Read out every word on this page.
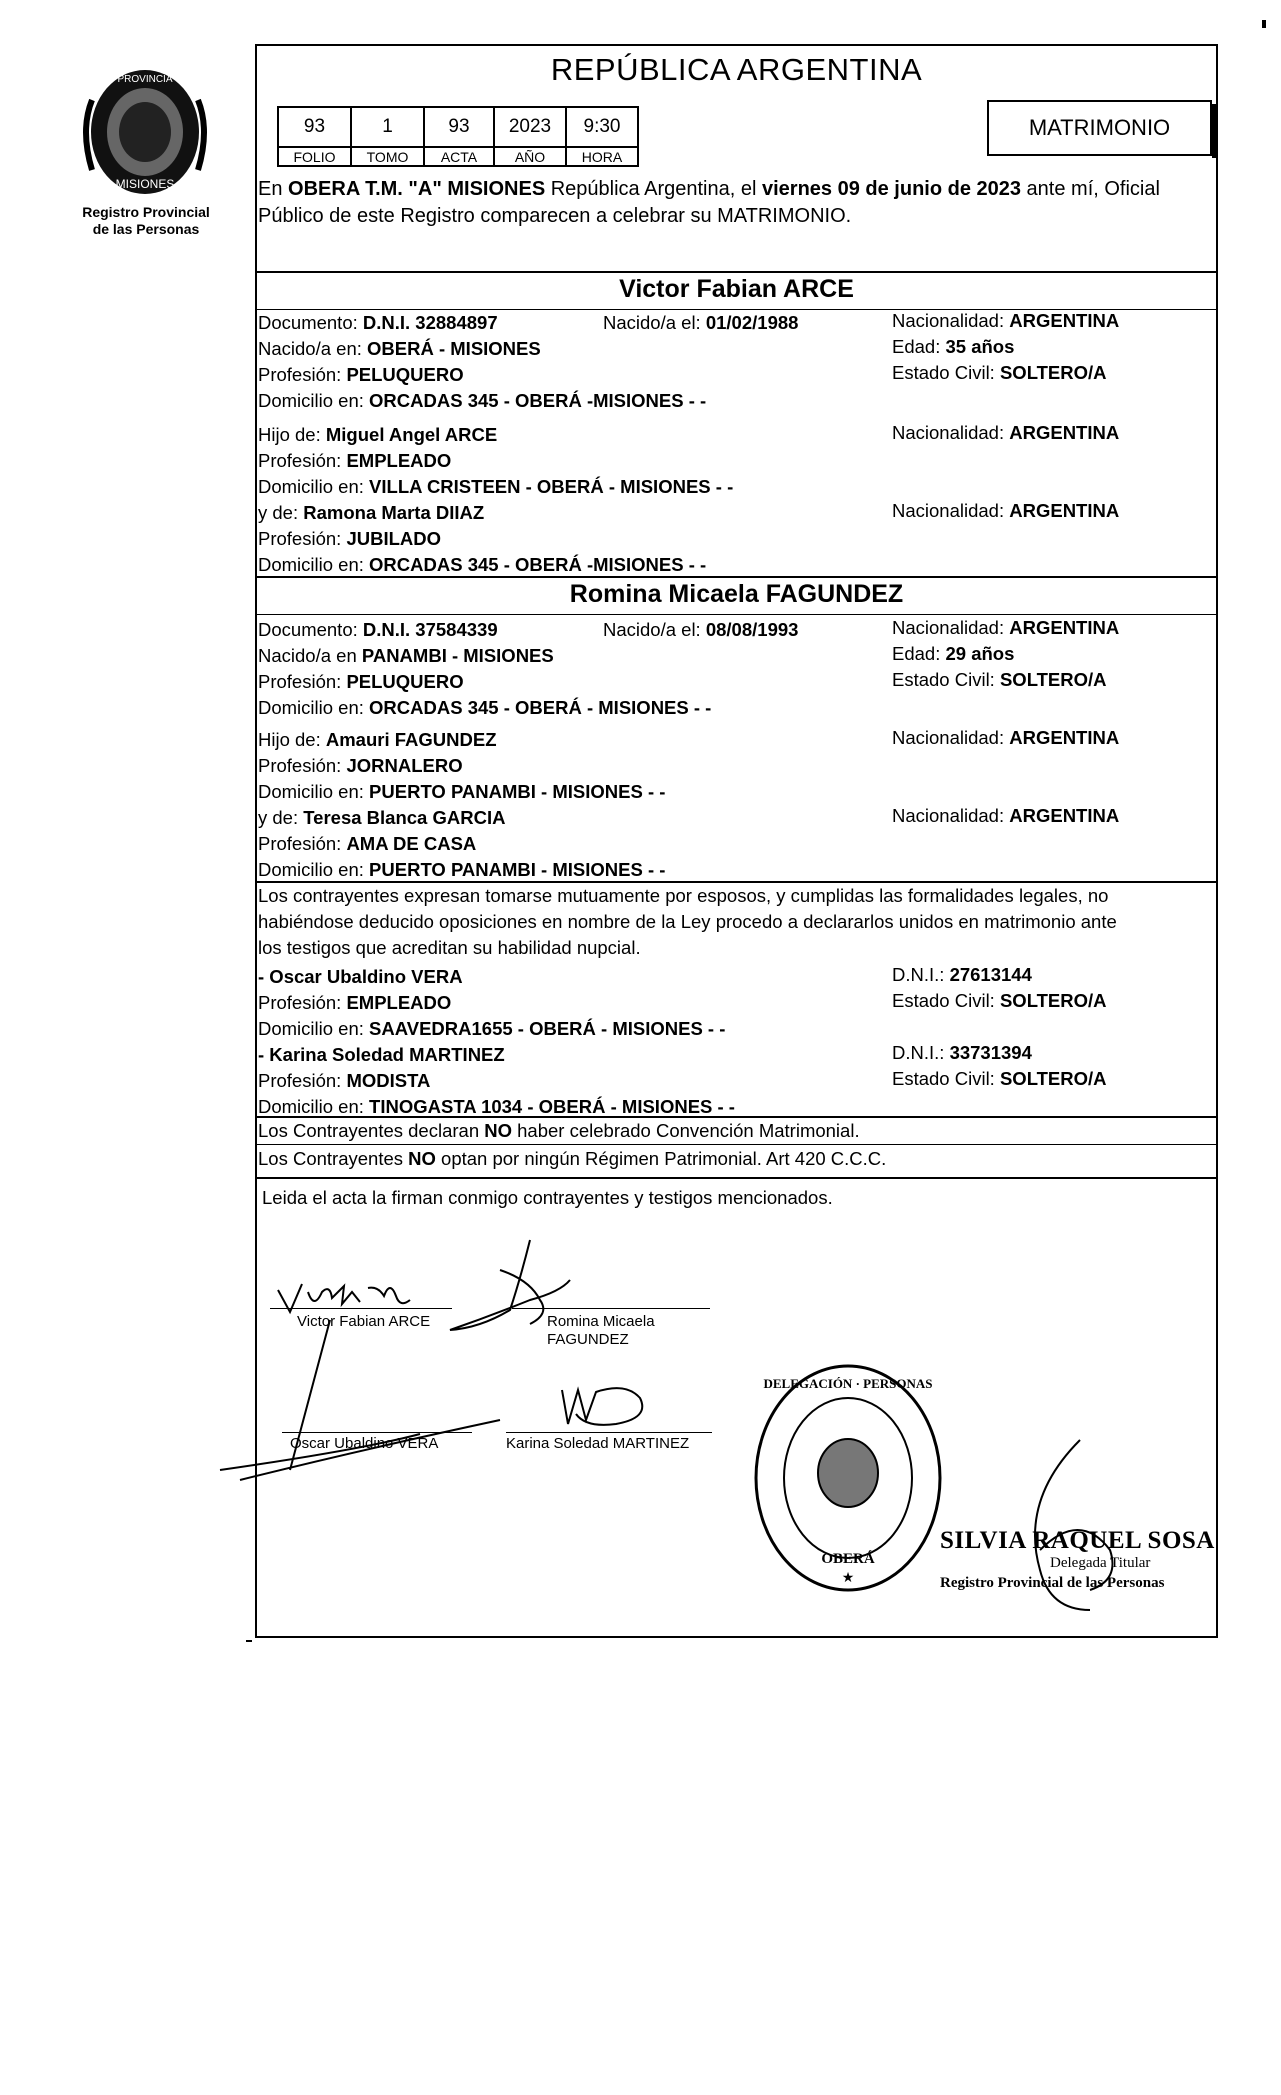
PROVINCIA
MISIONES
Registro Provincial
de las Personas
REPÚBLICA ARGENTINA
93	1	93	2023	9:30
FOLIO	TOMO	ACTA	AÑO	HORA
MATRIMONIO
En OBERA T.M. "A" MISIONES República Argentina, el viernes 09 de junio de 2023 ante mí, Oficial Público de este Registro comparecen a celebrar su MATRIMONIO.
Victor Fabian ARCE
Documento: D.N.I. 32884897	Nacido/a el: 01/02/1988	Nacionalidad: ARGENTINA
Nacido/a en: OBERÁ - MISIONES	Edad: 35 años
Profesión: PELUQUERO	Estado Civil: SOLTERO/A
Domicilio en: ORCADAS 345 - OBERÁ -MISIONES - -
Hijo de: Miguel Angel ARCE	Nacionalidad: ARGENTINA
Profesión: EMPLEADO
Domicilio en: VILLA CRISTEEN - OBERÁ - MISIONES - -
y de: Ramona Marta DIIAZ	Nacionalidad: ARGENTINA
Profesión: JUBILADO
Domicilio en: ORCADAS 345 - OBERÁ -MISIONES - -
Romina Micaela FAGUNDEZ
Documento: D.N.I. 37584339	Nacido/a el: 08/08/1993	Nacionalidad: ARGENTINA
Nacido/a en PANAMBI - MISIONES	Edad: 29 años
Profesión: PELUQUERO	Estado Civil: SOLTERO/A
Domicilio en: ORCADAS 345 - OBERÁ - MISIONES - -
Hijo de: Amauri FAGUNDEZ	Nacionalidad: ARGENTINA
Profesión: JORNALERO
Domicilio en: PUERTO PANAMBI - MISIONES - -
y de: Teresa Blanca GARCIA	Nacionalidad: ARGENTINA
Profesión: AMA DE CASA
Domicilio en: PUERTO PANAMBI - MISIONES - -
Los contrayentes expresan tomarse mutuamente por esposos, y cumplidas las formalidades legales, no
habiéndose deducido oposiciones en nombre de la Ley procedo a declararlos unidos en matrimonio ante
los testigos que acreditan su habilidad nupcial.
- Oscar Ubaldino VERA	D.N.I.: 27613144
Profesión: EMPLEADO	Estado Civil: SOLTERO/A
Domicilio en: SAAVEDRA1655 - OBERÁ - MISIONES - -
- Karina Soledad MARTINEZ	D.N.I.: 33731394
Profesión: MODISTA	Estado Civil: SOLTERO/A
Domicilio en: TINOGASTA 1034 - OBERÁ - MISIONES - -
Los Contrayentes declaran NO haber celebrado Convención Matrimonial.
Los Contrayentes NO optan por ningún Régimen Patrimonial. Art 420 C.C.C.
Leida el acta la firman conmigo contrayentes y testigos mencionados.
Victor Fabian ARCE	Romina Micaela
FAGUNDEZ
Oscar Ubaldino VERA	Karina Soledad MARTINEZ
DELEGACIÓN · PERSONAS
OBERÁ
★
SILVIA RAQUEL SOSA
Delegada Titular
Registro Provincial de las Personas
